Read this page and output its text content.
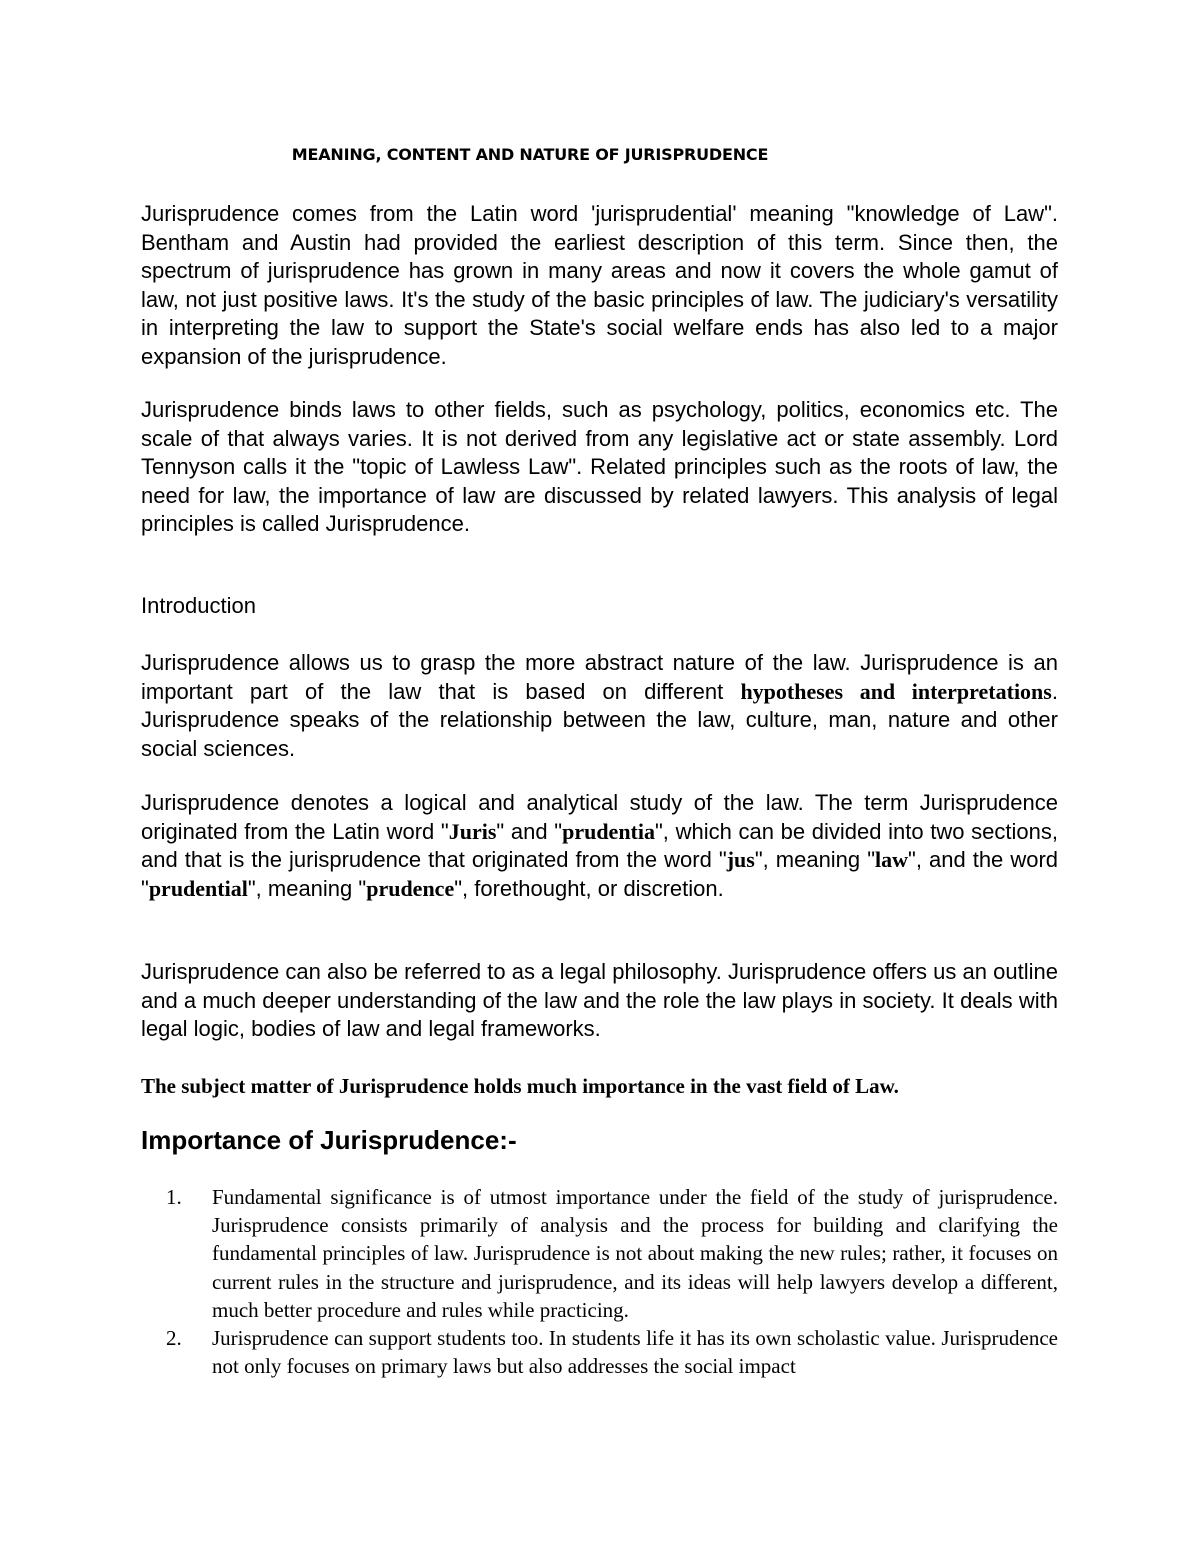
MEANING, CONTENT AND NATURE OF JURISPRUDENCE

Jurisprudence comes from the Latin word 'jurisprudential' meaning "knowledge of Law". Bentham and Austin had provided the earliest description of this term. Since then, the spectrum of jurisprudence has grown in many areas and now it covers the whole gamut of law, not just positive laws. It's the study of the basic principles of law. The judiciary's versatility in interpreting the law to support the State's social welfare ends has also led to a major expansion of the jurisprudence.

Jurisprudence binds laws to other fields, such as psychology, politics, economics etc. The scale of that always varies. It is not derived from any legislative act or state assembly. Lord Tennyson calls it the "topic of Lawless Law". Related principles such as the roots of law, the need for law, the importance of law are discussed by related lawyers. This analysis of legal principles is called Jurisprudence.

Introduction

Jurisprudence allows us to grasp the more abstract nature of the law. Jurisprudence is an important part of the law that is based on different hypotheses and interpretations. Jurisprudence speaks of the relationship between the law, culture, man, nature and other social sciences.

Jurisprudence denotes a logical and analytical study of the law. The term Jurisprudence originated from the Latin word "Juris" and "prudentia", which can be divided into two sections, and that is the jurisprudence that originated from the word "jus", meaning "law", and the word "prudential", meaning "prudence", forethought, or discretion.

Jurisprudence can also be referred to as a legal philosophy. Jurisprudence offers us an outline and a much deeper understanding of the law and the role the law plays in society. It deals with legal logic, bodies of law and legal frameworks.

The subject matter of Jurisprudence holds much importance in the vast field of Law.

Importance of Jurisprudence:-
1. Fundamental significance is of utmost importance under the field of the study of jurisprudence. Jurisprudence consists primarily of analysis and the process for building and clarifying the fundamental principles of law. Jurisprudence is not about making the new rules; rather, it focuses on current rules in the structure and jurisprudence, and its ideas will help lawyers develop a different, much better procedure and rules while practicing.
2. Jurisprudence can support students too. In students life it has its own scholastic value. Jurisprudence not only focuses on primary laws but also addresses the social impact
